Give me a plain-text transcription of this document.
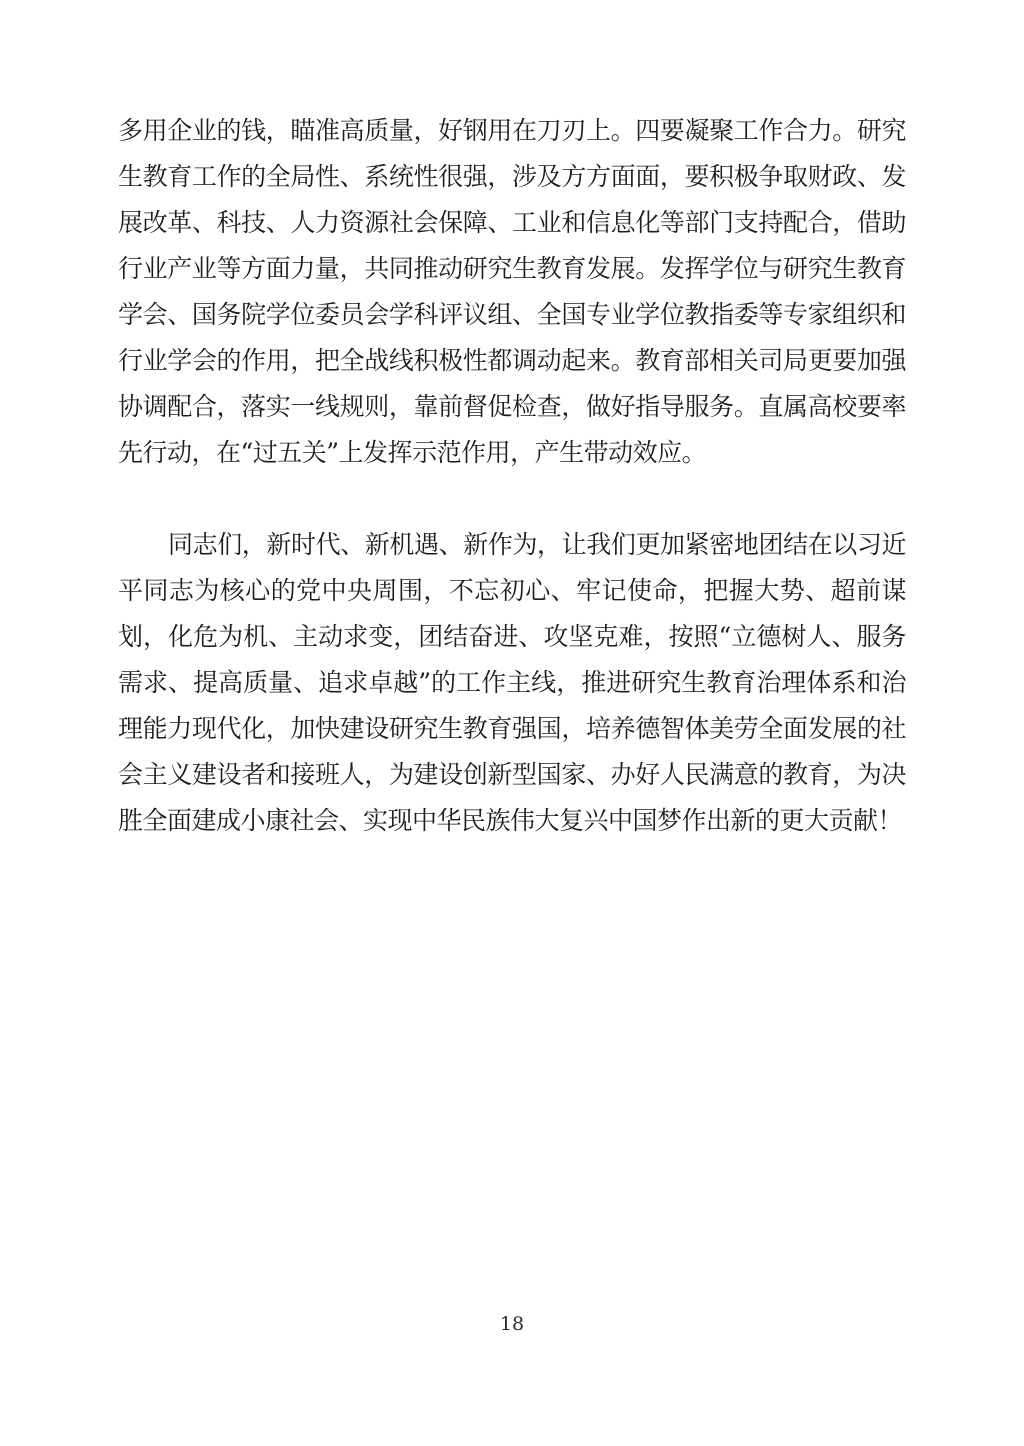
多用企业的钱，瞄准高质量，好钢用在刀刃上。四要凝聚工作合力。研究生教育工作的全局性、系统性很强，涉及方方面面，要积极争取财政、发展改革、科技、人力资源社会保障、工业和信息化等部门支持配合，借助行业产业等方面力量，共同推动研究生教育发展。发挥学位与研究生教育学会、国务院学位委员会学科评议组、全国专业学位教指委等专家组织和行业学会的作用，把全战线积极性都调动起来。教育部相关司局更要加强协调配合，落实一线规则，靠前督促检查，做好指导服务。直属高校要率先行动，在“过五关”上发挥示范作用，产生带动效应。

同志们，新时代、新机遇、新作为，让我们更加紧密地团结在以习近平同志为核心的党中央周围，不忘初心、牢记使命，把握大势、超前谋划，化危为机、主动求变，团结奋进、攻坚克难，按照“立德树人、服务需求、提高质量、追求卓越”的工作主线，推进研究生教育治理体系和治理能力现代化，加快建设研究生教育强国，培养德智体美劳全面发展的社会主义建设者和接班人，为建设创新型国家、办好人民满意的教育，为决胜全面建成小康社会、实现中华民族伟大复兴中国梦作出新的更大贡献！

18
